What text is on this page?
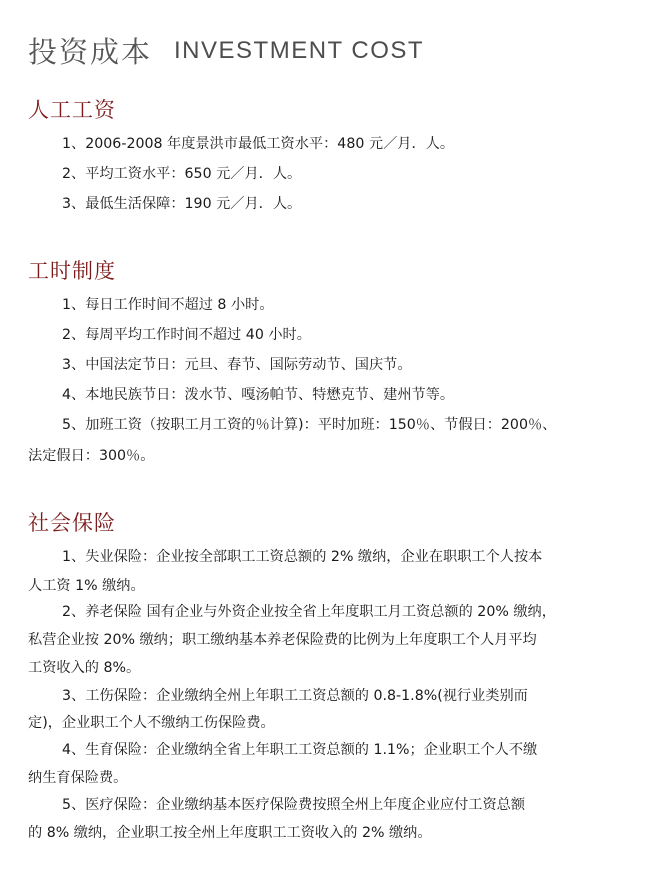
投资成本 INVESTMENT COST
人工工资
1、2006-2008 年度景洪市最低工资水平：480 元／月．人。
2、平均工资水平：650 元／月．人。
3、最低生活保障：190 元／月．人。
工时制度
1、每日工作时间不超过 8 小时。
2、每周平均工作时间不超过 40 小时。
3、中国法定节日：元旦、春节、国际劳动节、国庆节。
4、本地民族节日：泼水节、嘎汤帕节、特懋克节、建州节等。
5、加班工资（按职工月工资的％计算)：平时加班：150％、节假日：200％、
法定假日：300％。
社会保险
1、失业保险：企业按全部职工工资总额的 2% 缴纳，企业在职职工个人按本
人工资 1% 缴纳。
2、养老保险 国有企业与外资企业按全省上年度职工月工资总额的 20% 缴纳，
私营企业按 20% 缴纳；职工缴纳基本养老保险费的比例为上年度职工个人月平均
工资收入的 8%。
3、工伤保险：企业缴纳全州上年职工工资总额的 0.8-1.8%(视行业类别而
定)，企业职工个人不缴纳工伤保险费。
4、生育保险：企业缴纳全省上年职工工资总额的 1.1%；企业职工个人不缴
纳生育保险费。
5、医疗保险：企业缴纳基本医疗保险费按照全州上年度企业应付工资总额
的 8% 缴纳，企业职工按全州上年度职工工资收入的 2% 缴纳。
